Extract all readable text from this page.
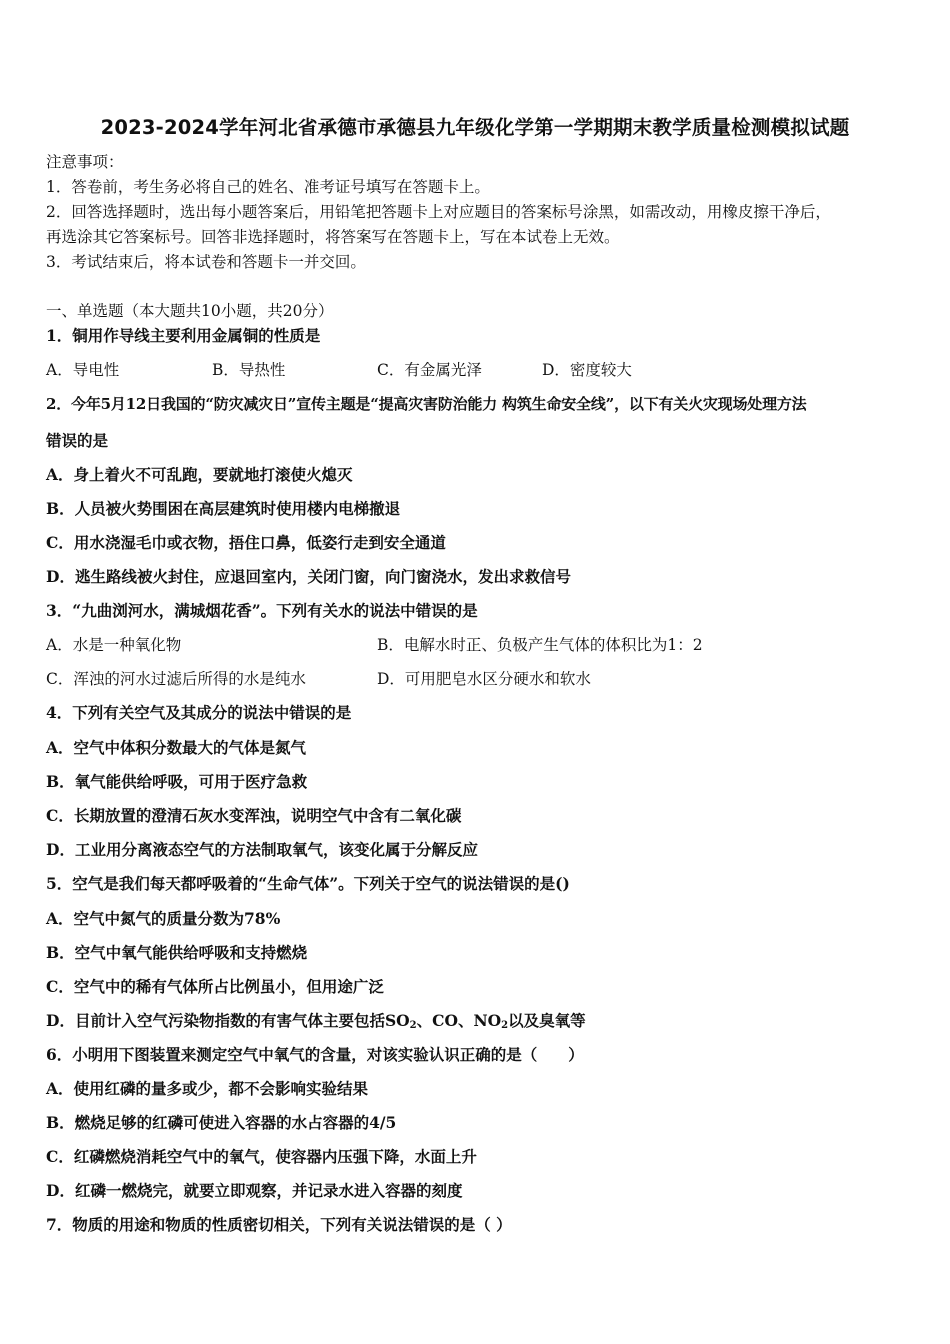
2023-2024学年河北省承德市承德县九年级化学第一学期期末教学质量检测模拟试题
注意事项：
1．答卷前，考生务必将自己的姓名、准考证号填写在答题卡上。
2．回答选择题时，选出每小题答案后，用铅笔把答题卡上对应题目的答案标号涂黑，如需改动，用橡皮擦干净后，
再选涂其它答案标号。回答非选择题时，将答案写在答题卡上，写在本试卷上无效。
3．考试结束后，将本试卷和答题卡一并交回。
一、单选题（本大题共10小题，共20分）
1．铜用作导线主要利用金属铜的性质是
A．导电性	B．导热性	C．有金属光泽	D．密度较大
2．今年5月12日我国的“防灾减灾日”宣传主题是“提高灾害防治能力 构筑生命安全线”，以下有关火灾现场处理方法
错误的是
A．身上着火不可乱跑，要就地打滚使火熄灭
B．人员被火势围困在高层建筑时使用楼内电梯撤退
C．用水浇湿毛巾或衣物，捂住口鼻，低姿行走到安全通道
D．逃生路线被火封住，应退回室内，关闭门窗，向门窗浇水，发出求救信号
3．“九曲浏河水，满城烟花香”。下列有关水的说法中错误的是
A．水是一种氧化物	B．电解水时正、负极产生气体的体积比为1：2
C．浑浊的河水过滤后所得的水是纯水	D．可用肥皂水区分硬水和软水
4．下列有关空气及其成分的说法中错误的是
A．空气中体积分数最大的气体是氮气
B．氧气能供给呼吸，可用于医疗急救
C．长期放置的澄清石灰水变浑浊，说明空气中含有二氧化碳
D．工业用分离液态空气的方法制取氧气，该变化属于分解反应
5．空气是我们每天都呼吸着的“生命气体”。下列关于空气的说法错误的是()
A．空气中氮气的质量分数为78%
B．空气中氧气能供给呼吸和支持燃烧
C．空气中的稀有气体所占比例虽小，但用途广泛
D．目前计入空气污染物指数的有害气体主要包括$SO_2$、CO、$NO_2$以及臭氧等
6．小明用下图装置来测定空气中氧气的含量，对该实验认识正确的是（　　）
A．使用红磷的量多或少，都不会影响实验结果
B．燃烧足够的红磷可使进入容器的水占容器的4/5
C．红磷燃烧消耗空气中的氧气，使容器内压强下降，水面上升
D．红磷一燃烧完，就要立即观察，并记录水进入容器的刻度
7．物质的用途和物质的性质密切相关，下列有关说法错误的是（ ）
